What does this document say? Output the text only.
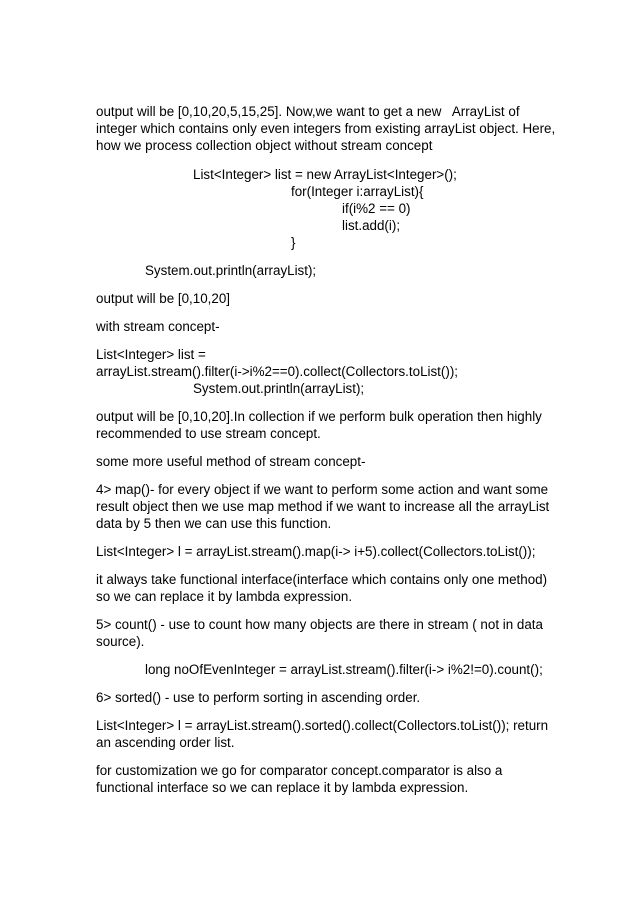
output will be [0,10,20,5,15,25]. Now,we want to get a new   ArrayList of

integer which contains only even integers from existing arrayList object. Here,

how we process collection object without stream concept

List<Integer> list = new ArrayList<Integer>();

for(Integer i:arrayList){

if(i%2 == 0)

list.add(i);

}

System.out.println(arrayList);

output will be [0,10,20]

with stream concept-

List<Integer> list =

arrayList.stream().filter(i->i%2==0).collect(Collectors.toList());

System.out.println(arrayList);

output will be [0,10,20].In collection if we perform bulk operation then highly

recommended to use stream concept.

some more useful method of stream concept-

4> map()- for every object if we want to perform some action and want some

result object then we use map method if we want to increase all the arrayList

data by 5 then we can use this function.

List<Integer> l = arrayList.stream().map(i-> i+5).collect(Collectors.toList());

it always take functional interface(interface which contains only one method)

so we can replace it by lambda expression.

5> count() - use to count how many objects are there in stream ( not in data

source).

long noOfEvenInteger = arrayList.stream().filter(i-> i%2!=0).count();

6> sorted() - use to perform sorting in ascending order.

List<Integer> l = arrayList.stream().sorted().collect(Collectors.toList()); return

an ascending order list.

for customization we go for comparator concept.comparator is also a

functional interface so we can replace it by lambda expression.
